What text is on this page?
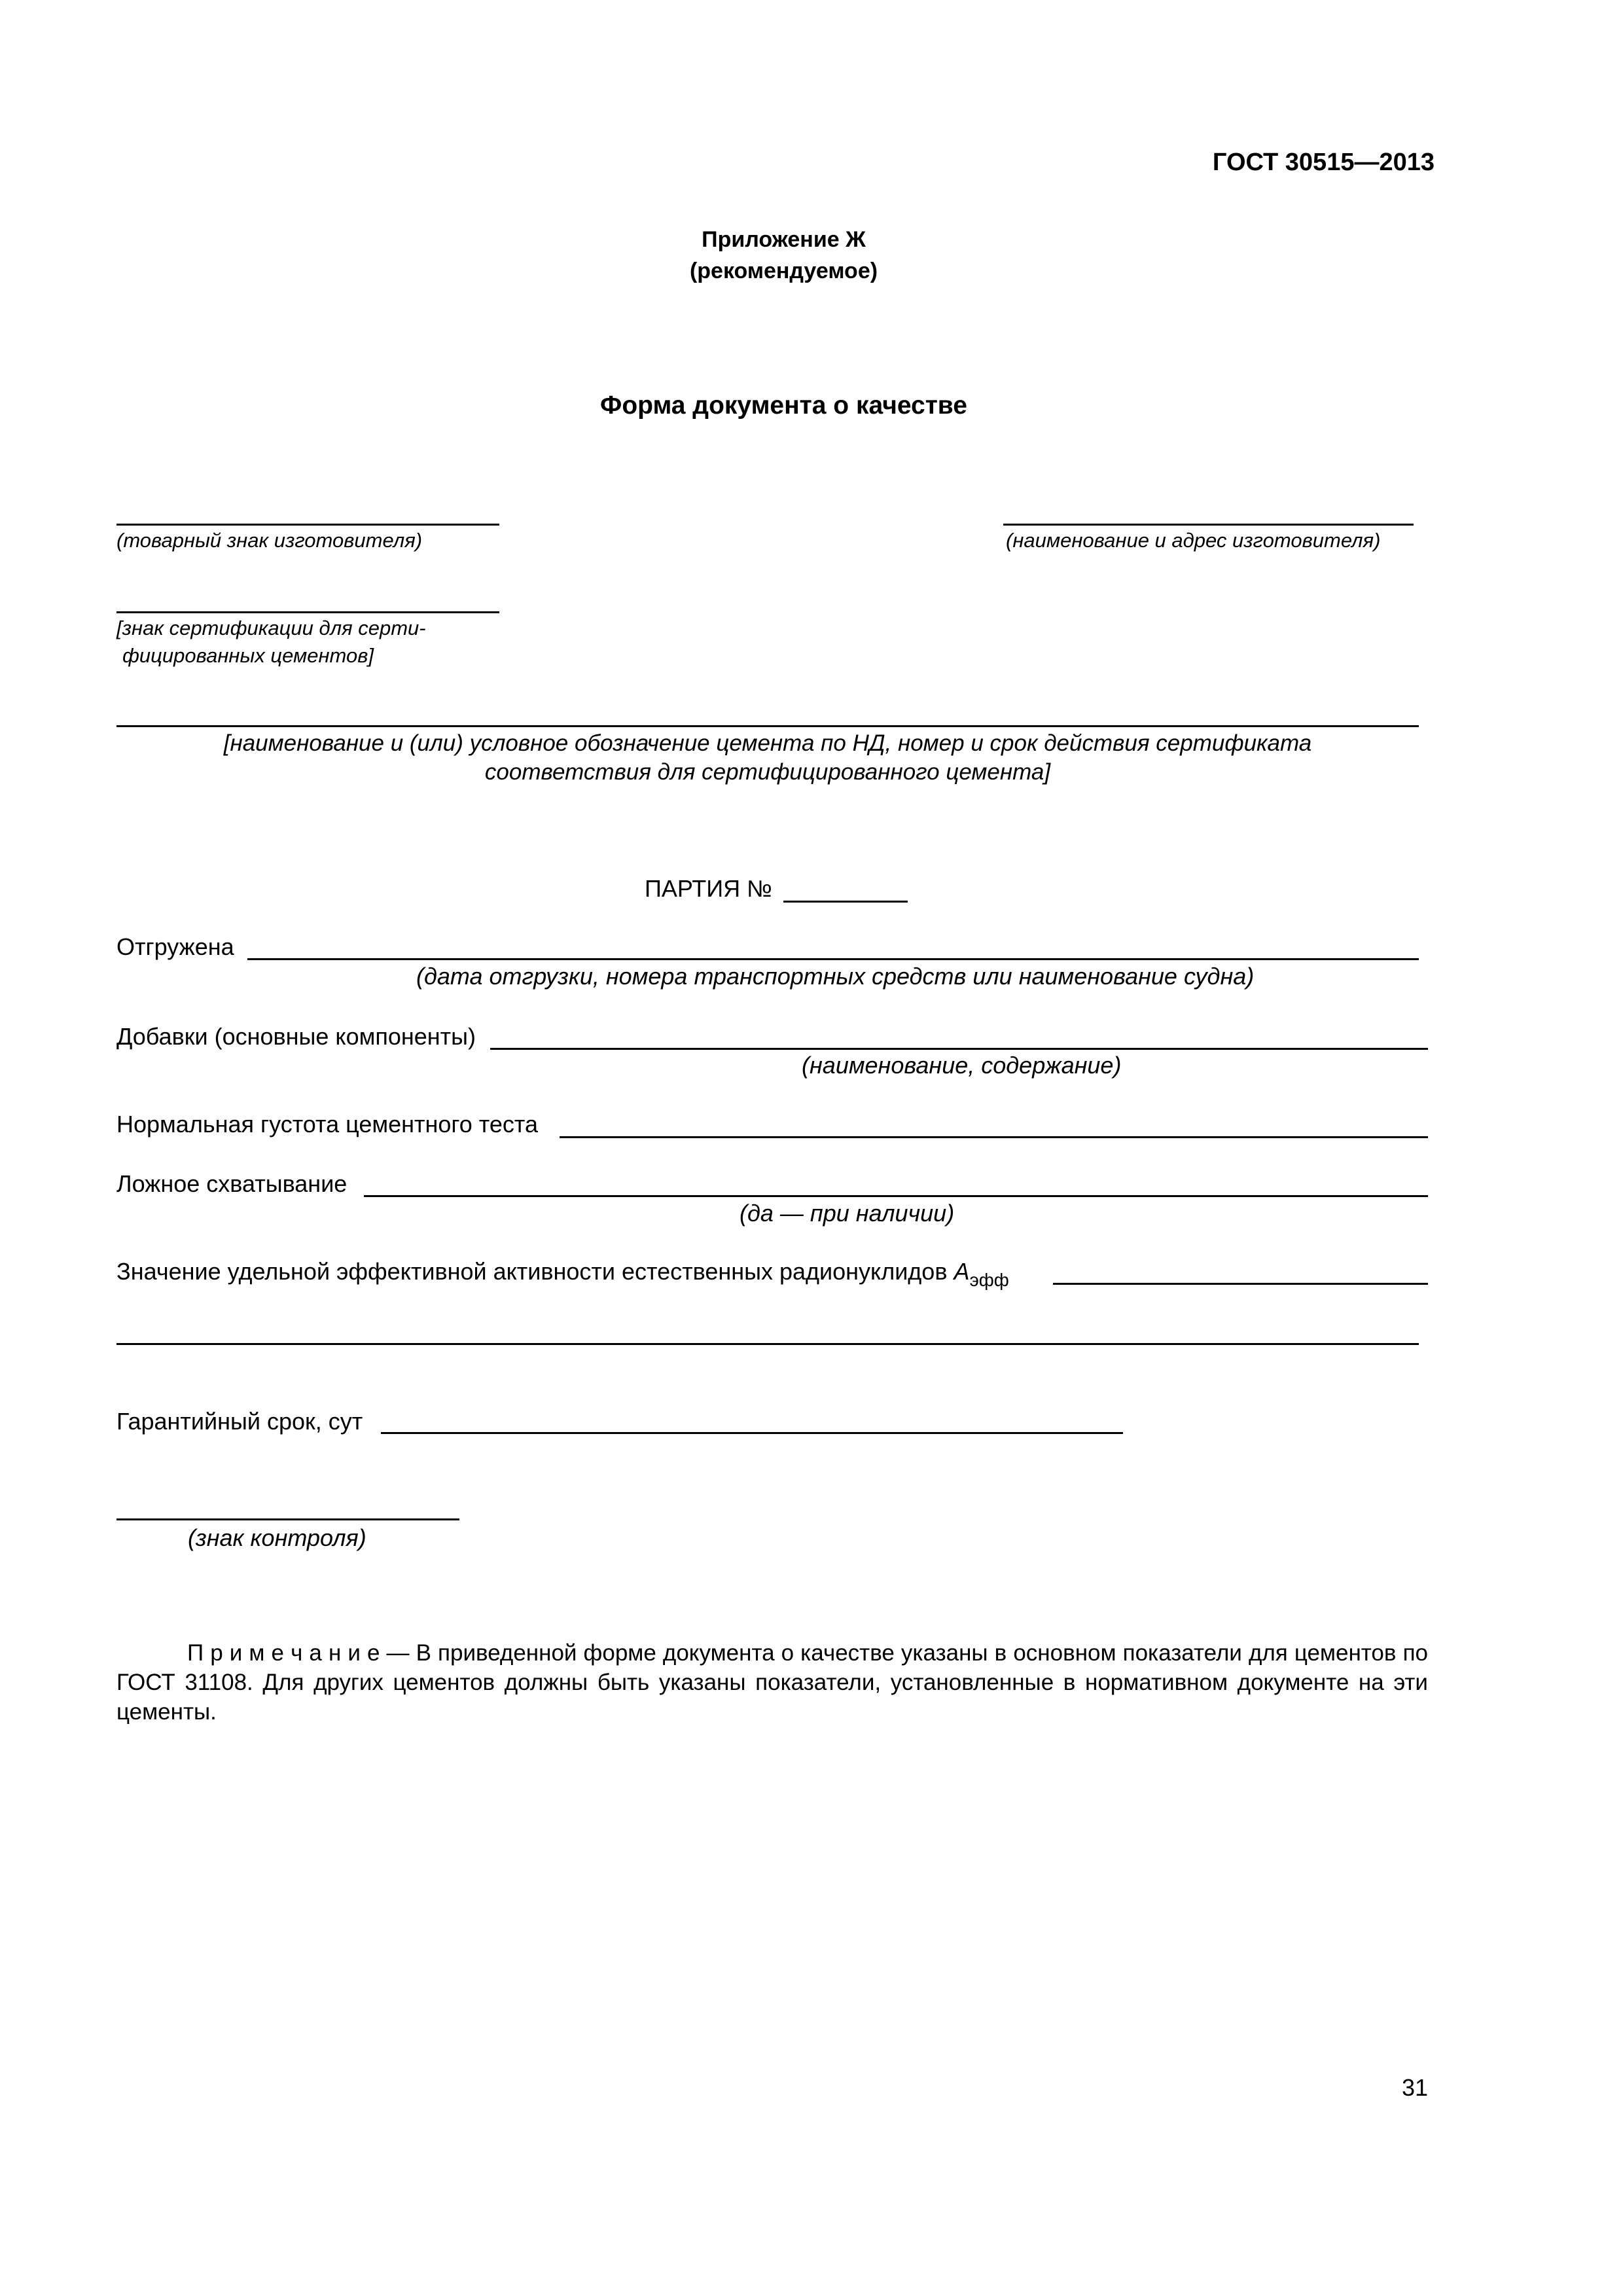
ГОСТ 30515—2013
Приложение Ж
(рекомендуемое)
Форма документа о качестве
(товарный знак изготовителя)	(наименование и адрес изготовителя)
[знак сертификации для серти-
фицированных цементов]
[наименование и (или) условное обозначение цемента по НД, номер и срок действия сертификата
соответствия для сертифицированного цемента]
ПАРТИЯ №
Отгружена
(дата отгрузки, номера транспортных средств или наименование судна)
Добавки (основные компоненты)
(наименование, содержание)
Нормальная густота цементного теста
Ложное схватывание
(да — при наличии)
Значение удельной эффективной активности естественных радионуклидов $А_{эфф}$
Гарантийный срок, сут
(знак контроля)
П р и м е ч а н и е — В приведенной форме документа о качестве указаны в основном показатели для цементов по ГОСТ 31108. Для других цементов должны быть указаны показатели, установленные в нормативном документе на эти цементы.
31
